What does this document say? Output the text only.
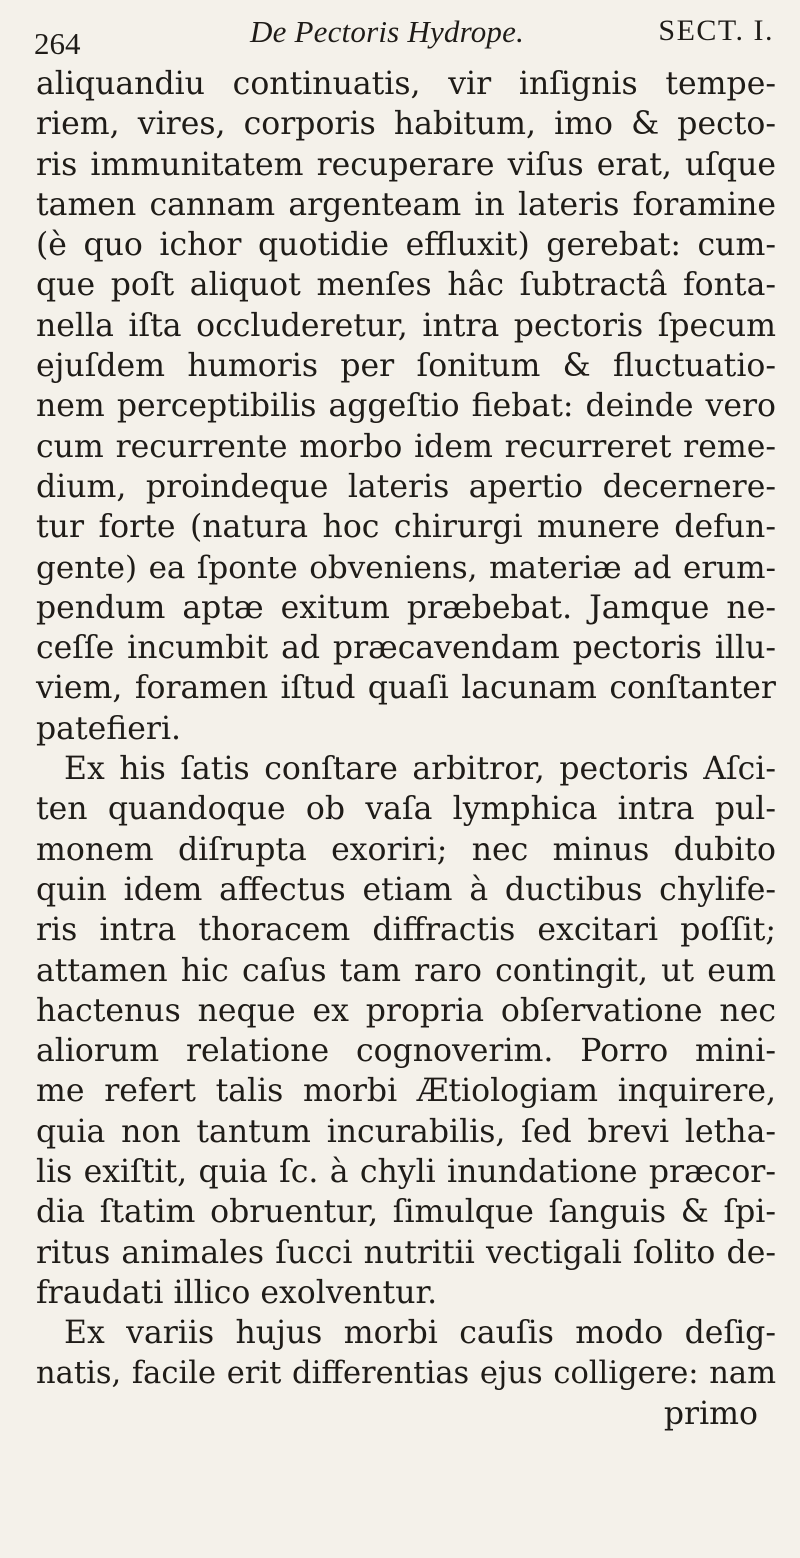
264	De Pectoris Hydrope.	SECT. I.
aliquandiu continuatis, vir inſignis tempe-
riem, vires, corporis habitum, imo & pecto-
ris immunitatem recuperare viſus erat, uſque
tamen cannam argenteam in lateris foramine
(è quo ichor quotidie effluxit) gerebat: cum-
que poſt aliquot menſes hâc ſubtractâ fonta-
nella iſta occluderetur, intra pectoris ſpecum
ejuſdem humoris per ſonitum & fluctuatio-
nem perceptibilis aggeſtio fiebat: deinde vero
cum recurrente morbo idem recurreret reme-
dium, proindeque lateris apertio decernere-
tur forte (natura hoc chirurgi munere defun-
gente) ea ſponte obveniens, materiæ ad erum-
pendum aptæ exitum præbebat. Jamque ne-
ceſſe incumbit ad præcavendam pectoris illu-
viem, foramen iſtud quaſi lacunam conſtanter
patefieri.
Ex his ſatis conſtare arbitror, pectoris Aſci-
ten quandoque ob vaſa lymphica intra pul-
monem diſrupta exoriri; nec minus dubito
quin idem affectus etiam à ductibus chylife-
ris intra thoracem diffractis excitari poſſit;
attamen hic caſus tam raro contingit, ut eum
hactenus neque ex propria obſervatione nec
aliorum relatione cognoverim. Porro mini-
me refert talis morbi Ætiologiam inquirere,
quia non tantum incurabilis, ſed brevi letha-
lis exiſtit, quia ſc. à chyli inundatione præcor-
dia ſtatim obruentur, ſimulque ſanguis & ſpi-
ritus animales ſucci nutritii vectigali ſolito de-
fraudati illico exolventur.
Ex variis hujus morbi cauſis modo deſig-
natis, facile erit differentias ejus colligere: nam
primo
